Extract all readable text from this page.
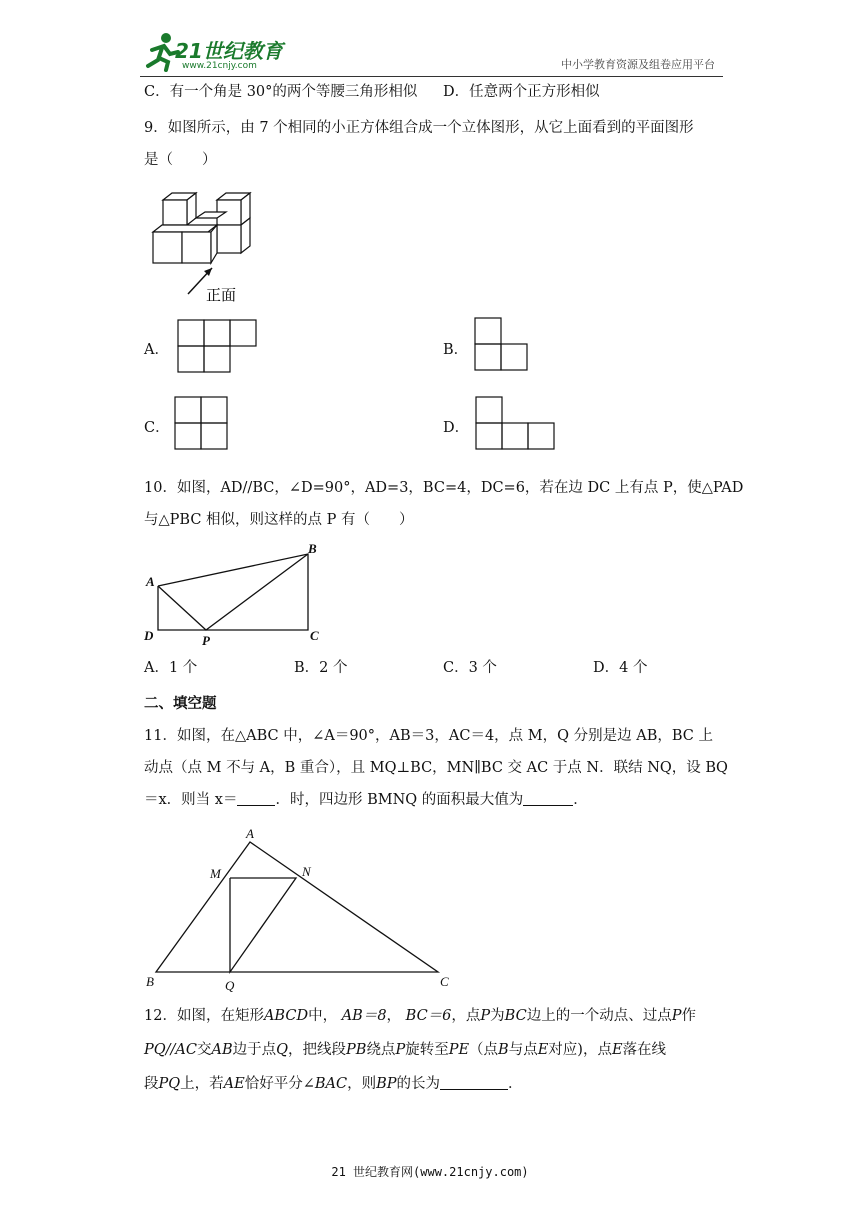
21世纪教育
www.21cnjy.com	中小学教育资源及组卷应用平台
C．有一个角是 30°的两个等腰三角形相似 D．任意两个正方形相似
9．如图所示，由 7 个相同的小正方体组合成一个立体图形，从它上面看到的平面图形
是（　　）
正面
A．	B．
C．	D．
10．如图，AD//BC，∠D=90°，AD=3，BC=4，DC=6，若在边 DC 上有点 P，使△PAD
与△PBC 相似，则这样的点 P 有（　　）
A
B
D	P	C
A．1 个	B．2 个	C．3 个	D．4 个
二、填空题
11．如图，在△ABC 中，∠A＝90°，AB＝3，AC＝4，点 M，Q 分别是边 AB，BC 上
动点（点 M 不与 A，B 重合），且 MQ⊥BC，MN∥BC 交 AC 于点 N．联结 NQ，设 BQ
＝x．则当 x＝	．时，四边形 BMNQ 的面积最大值为	．
A
M	N
B	Q	C
12．如图，在矩形ABCD中， AB＝8， BC＝6，点P为BC边上的一个动点、过点P作
PQ//AC交AB边于点Q，把线段PB绕点P旋转至PE（点B与点E对应)，点E落在线
段PQ上，若AE恰好平分∠BAC，则BP的长为	．
21 世纪教育网(www.21cnjy.com)
